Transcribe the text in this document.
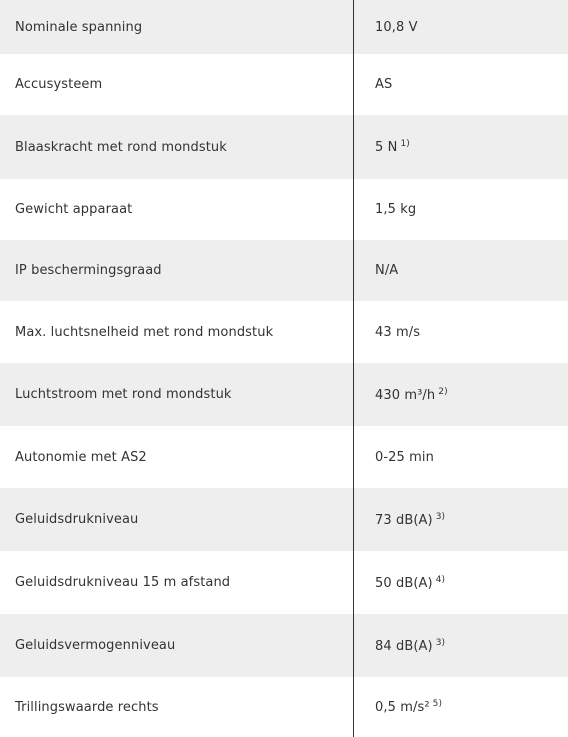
Nominale spanning	10,8 V
Accusysteem	AS
Blaaskracht met rond mondstuk	5 N $^{1)}$
Gewicht apparaat	1,5 kg
IP beschermingsgraad	N/A
Max. luchtsnelheid met rond mondstuk	43 m/s
Luchtstroom met rond mondstuk	430 m³/h $^{2)}$
Autonomie met AS2	0-25 min
Geluidsdrukniveau	73 dB(A) $^{3)}$
Geluidsdrukniveau 15 m afstand	50 dB(A) $^{4)}$
Geluidsvermogenniveau	84 dB(A) $^{3)}$
Trillingswaarde rechts	0,5 m/s² $^{5)}$
